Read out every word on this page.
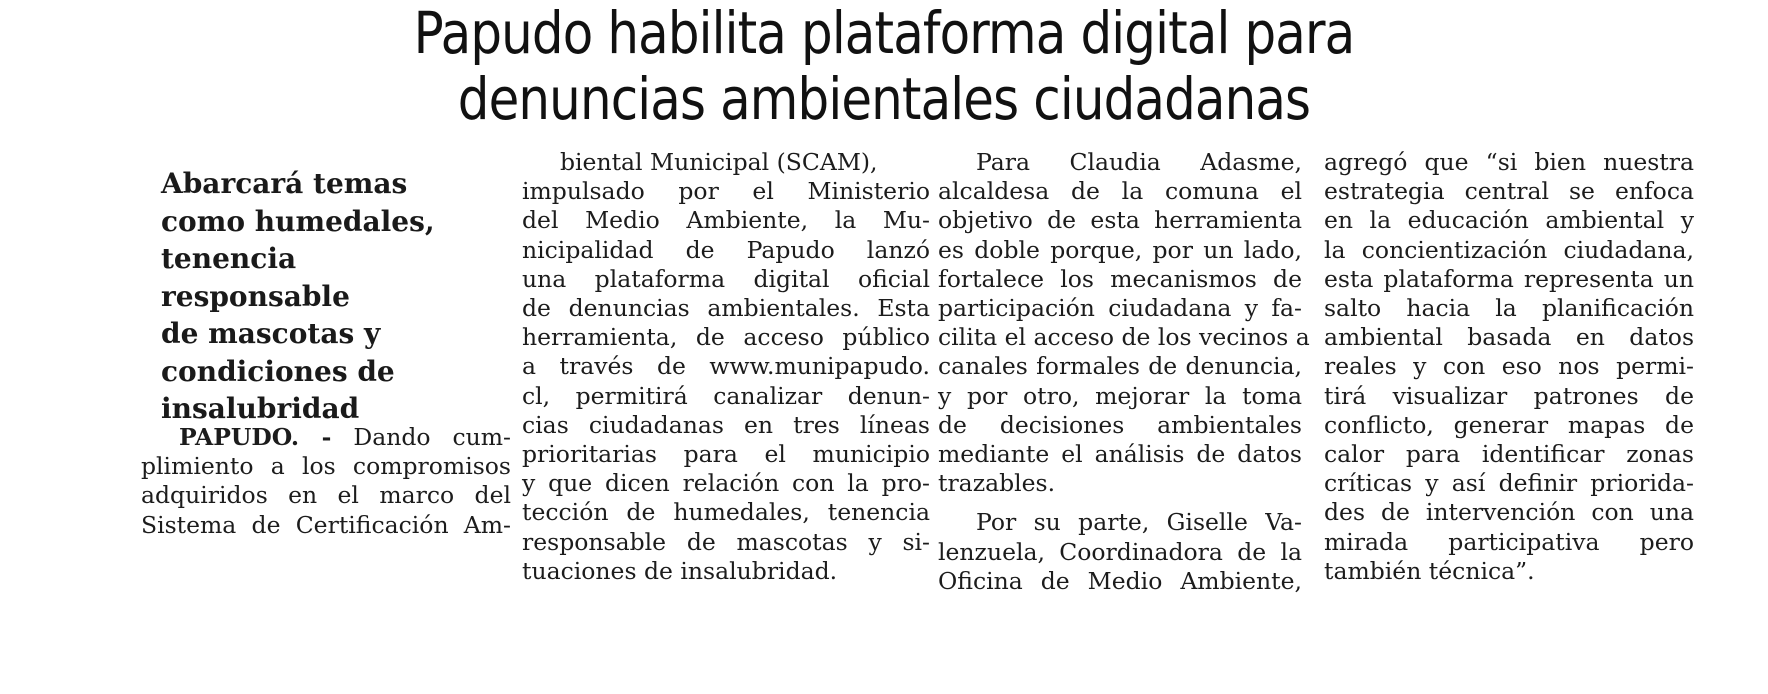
Papudo habilita plataforma digital para
denuncias ambientales ciudadanas
Abarcará temas
como humedales,
tenencia
responsable
de mascotas y
condiciones de
insalubridad
PAPUDO. - Dando cum-
plimiento a los compromisos
adquiridos en el marco del
Sistema de Certificación Am-
biental Municipal (SCAM),
impulsado por el Ministerio
del Medio Ambiente, la Mu-
nicipalidad de Papudo lanzó
una plataforma digital oficial
de denuncias ambientales. Esta
herramienta, de acceso público
a través de www.munipapudo.
cl, permitirá canalizar denun-
cias ciudadanas en tres líneas
prioritarias para el municipio
y que dicen relación con la pro-
tección de humedales, tenencia
responsable de mascotas y si-
tuaciones de insalubridad.
Para Claudia Adasme,
alcaldesa de la comuna el
objetivo de esta herramienta
es doble porque, por un lado,
fortalece los mecanismos de
participación ciudadana y fa-
cilita el acceso de los vecinos a
canales formales de denuncia,
y por otro, mejorar la toma
de decisiones ambientales
mediante el análisis de datos
trazables.
Por su parte, Giselle Va-
lenzuela, Coordinadora de la
Oficina de Medio Ambiente,
agregó que “si bien nuestra
estrategia central se enfoca
en la educación ambiental y
la concientización ciudadana,
esta plataforma representa un
salto hacia la planificación
ambiental basada en datos
reales y con eso nos permi-
tirá visualizar patrones de
conflicto, generar mapas de
calor para identificar zonas
críticas y así definir priorida-
des de intervención con una
mirada participativa pero
también técnica”.
